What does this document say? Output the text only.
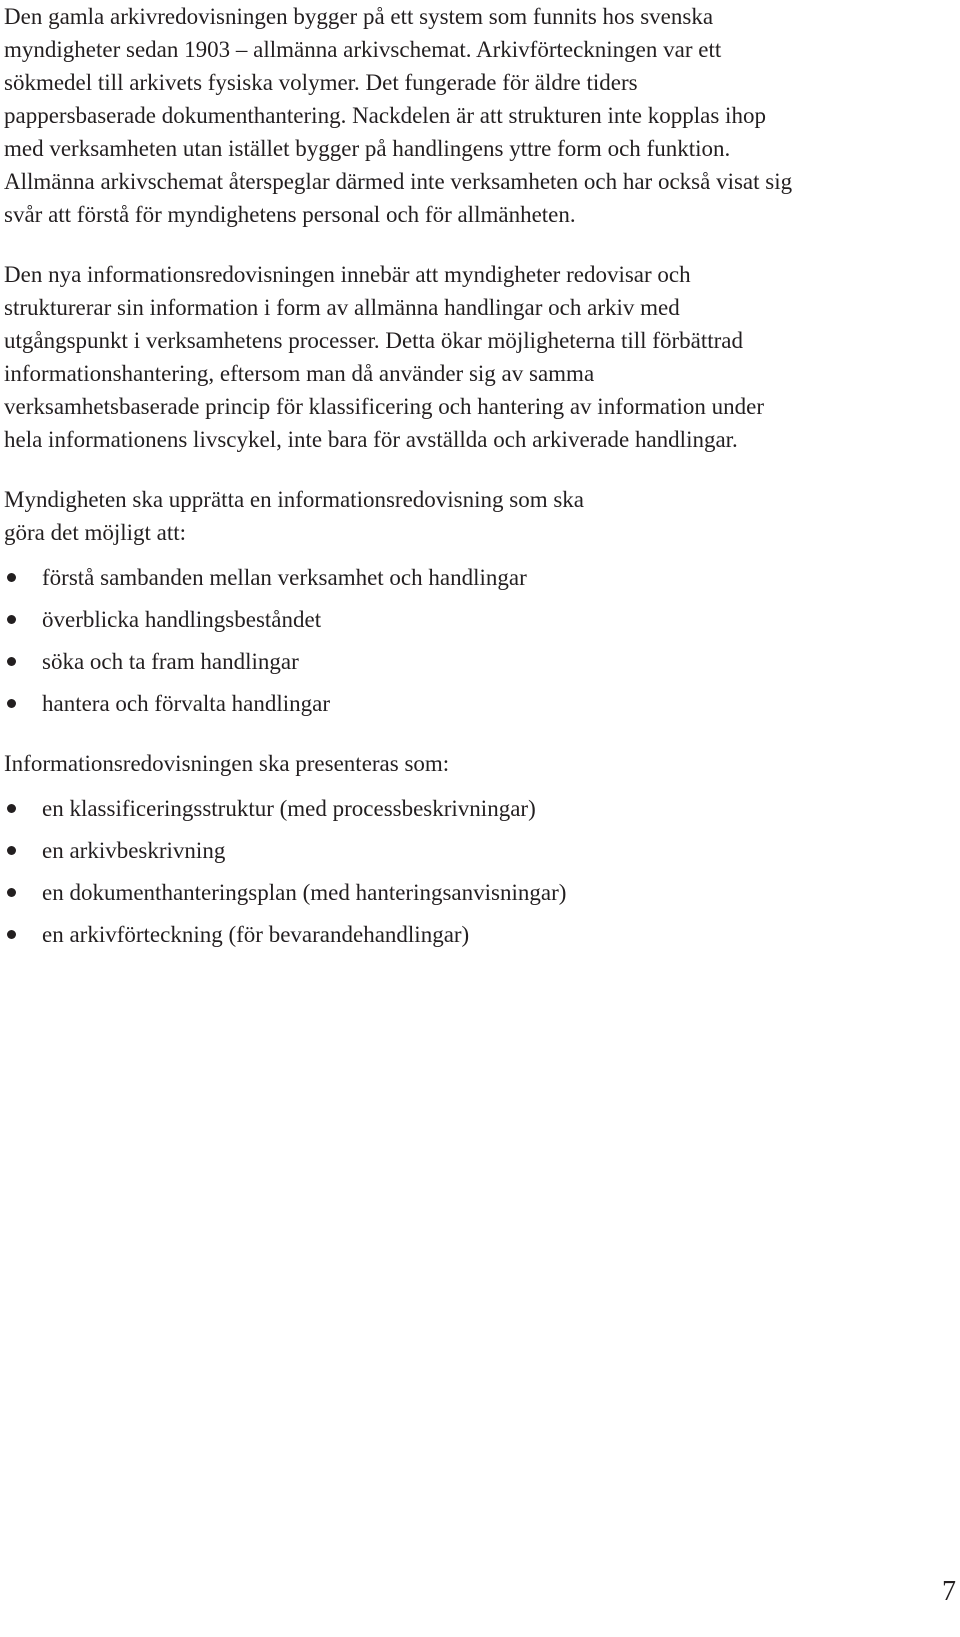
Den gamla arkivredovisningen bygger på ett system som funnits hos svenska myndigheter sedan 1903 – allmänna arkivschemat. Arkivförteckningen var ett sökmedel till arkivets fysiska volymer. Det fungerade för äldre tiders pappersbaserade dokumenthantering. Nackdelen är att strukturen inte kopplas ihop med verksamheten utan istället bygger på handlingens yttre form och funktion. Allmänna arkivschemat återspeglar därmed inte verksamheten och har också visat sig svår att förstå för myndighetens personal och för allmänheten.

Den nya informationsredovisningen innebär att myndigheter redovisar och strukturerar sin information i form av allmänna handlingar och arkiv med utgångspunkt i verksamhetens processer. Detta ökar möjligheterna till förbättrad informationshantering, eftersom man då använder sig av samma verksamhetsbaserade princip för klassificering och hantering av information under hela informationens livscykel, inte bara för avställda och arkiverade handlingar.

Myndigheten ska upprätta en informationsredovisning som ska göra det möjligt att:

förstå sambanden mellan verksamhet och handlingar
överblicka handlingsbeståndet
söka och ta fram handlingar
hantera och förvalta handlingar

Informationsredovisningen ska presenteras som:

en klassificeringsstruktur (med processbeskrivningar)
en arkivbeskrivning
en dokumenthanteringsplan (med hanteringsanvisningar)
en arkivförteckning (för bevarandehandlingar)
7
